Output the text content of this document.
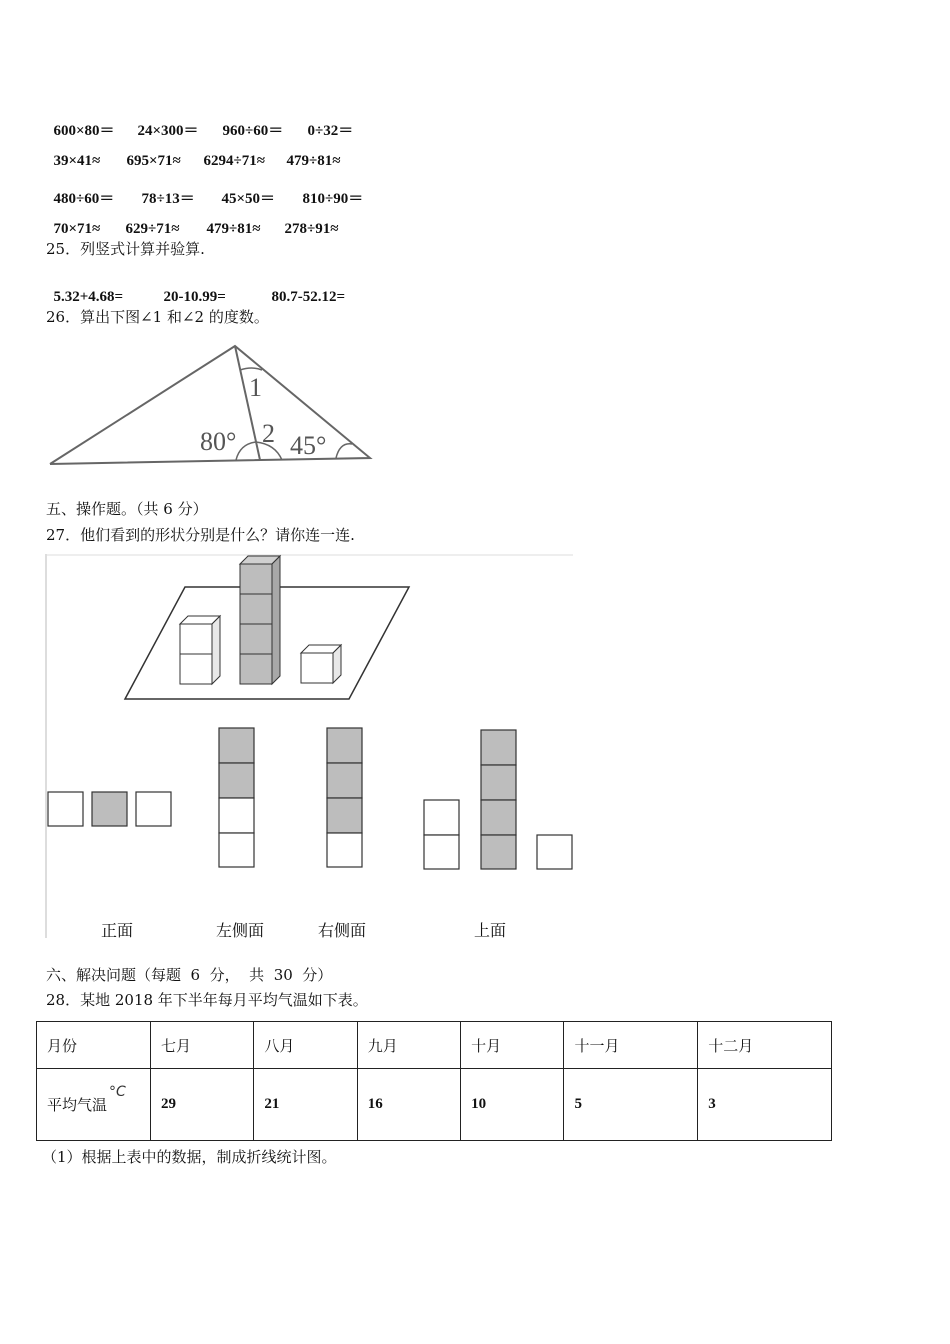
600×80＝ 24×300＝ 960÷60＝ 0÷32＝

39×41≈ 695×71≈ 6294÷71≈ 479÷81≈

480÷60＝ 78÷13＝ 45×50＝ 810÷90＝

70×71≈ 629÷71≈ 479÷81≈ 278÷91≈

25．列竖式计算并验算.

5.32+4.68=	20-10.99=	80.7-52.12=

26．算出下图∠1 和∠2 的度数。
1
80° 2 45°
五、操作题。（共 6 分）
27．他们看到的形状分别是什么？请你连一连.
正面	左侧面	右侧面	上面
六、解决问题（每题  6  分，  共  30  分）
28．某地 2018 年下半年每月平均气温如下表。
月份	七月	八月	九月	十月	十一月	十二月
平均气温°C	29	21	16	10	5	3
（1）根据上表中的数据，制成折线统计图。
